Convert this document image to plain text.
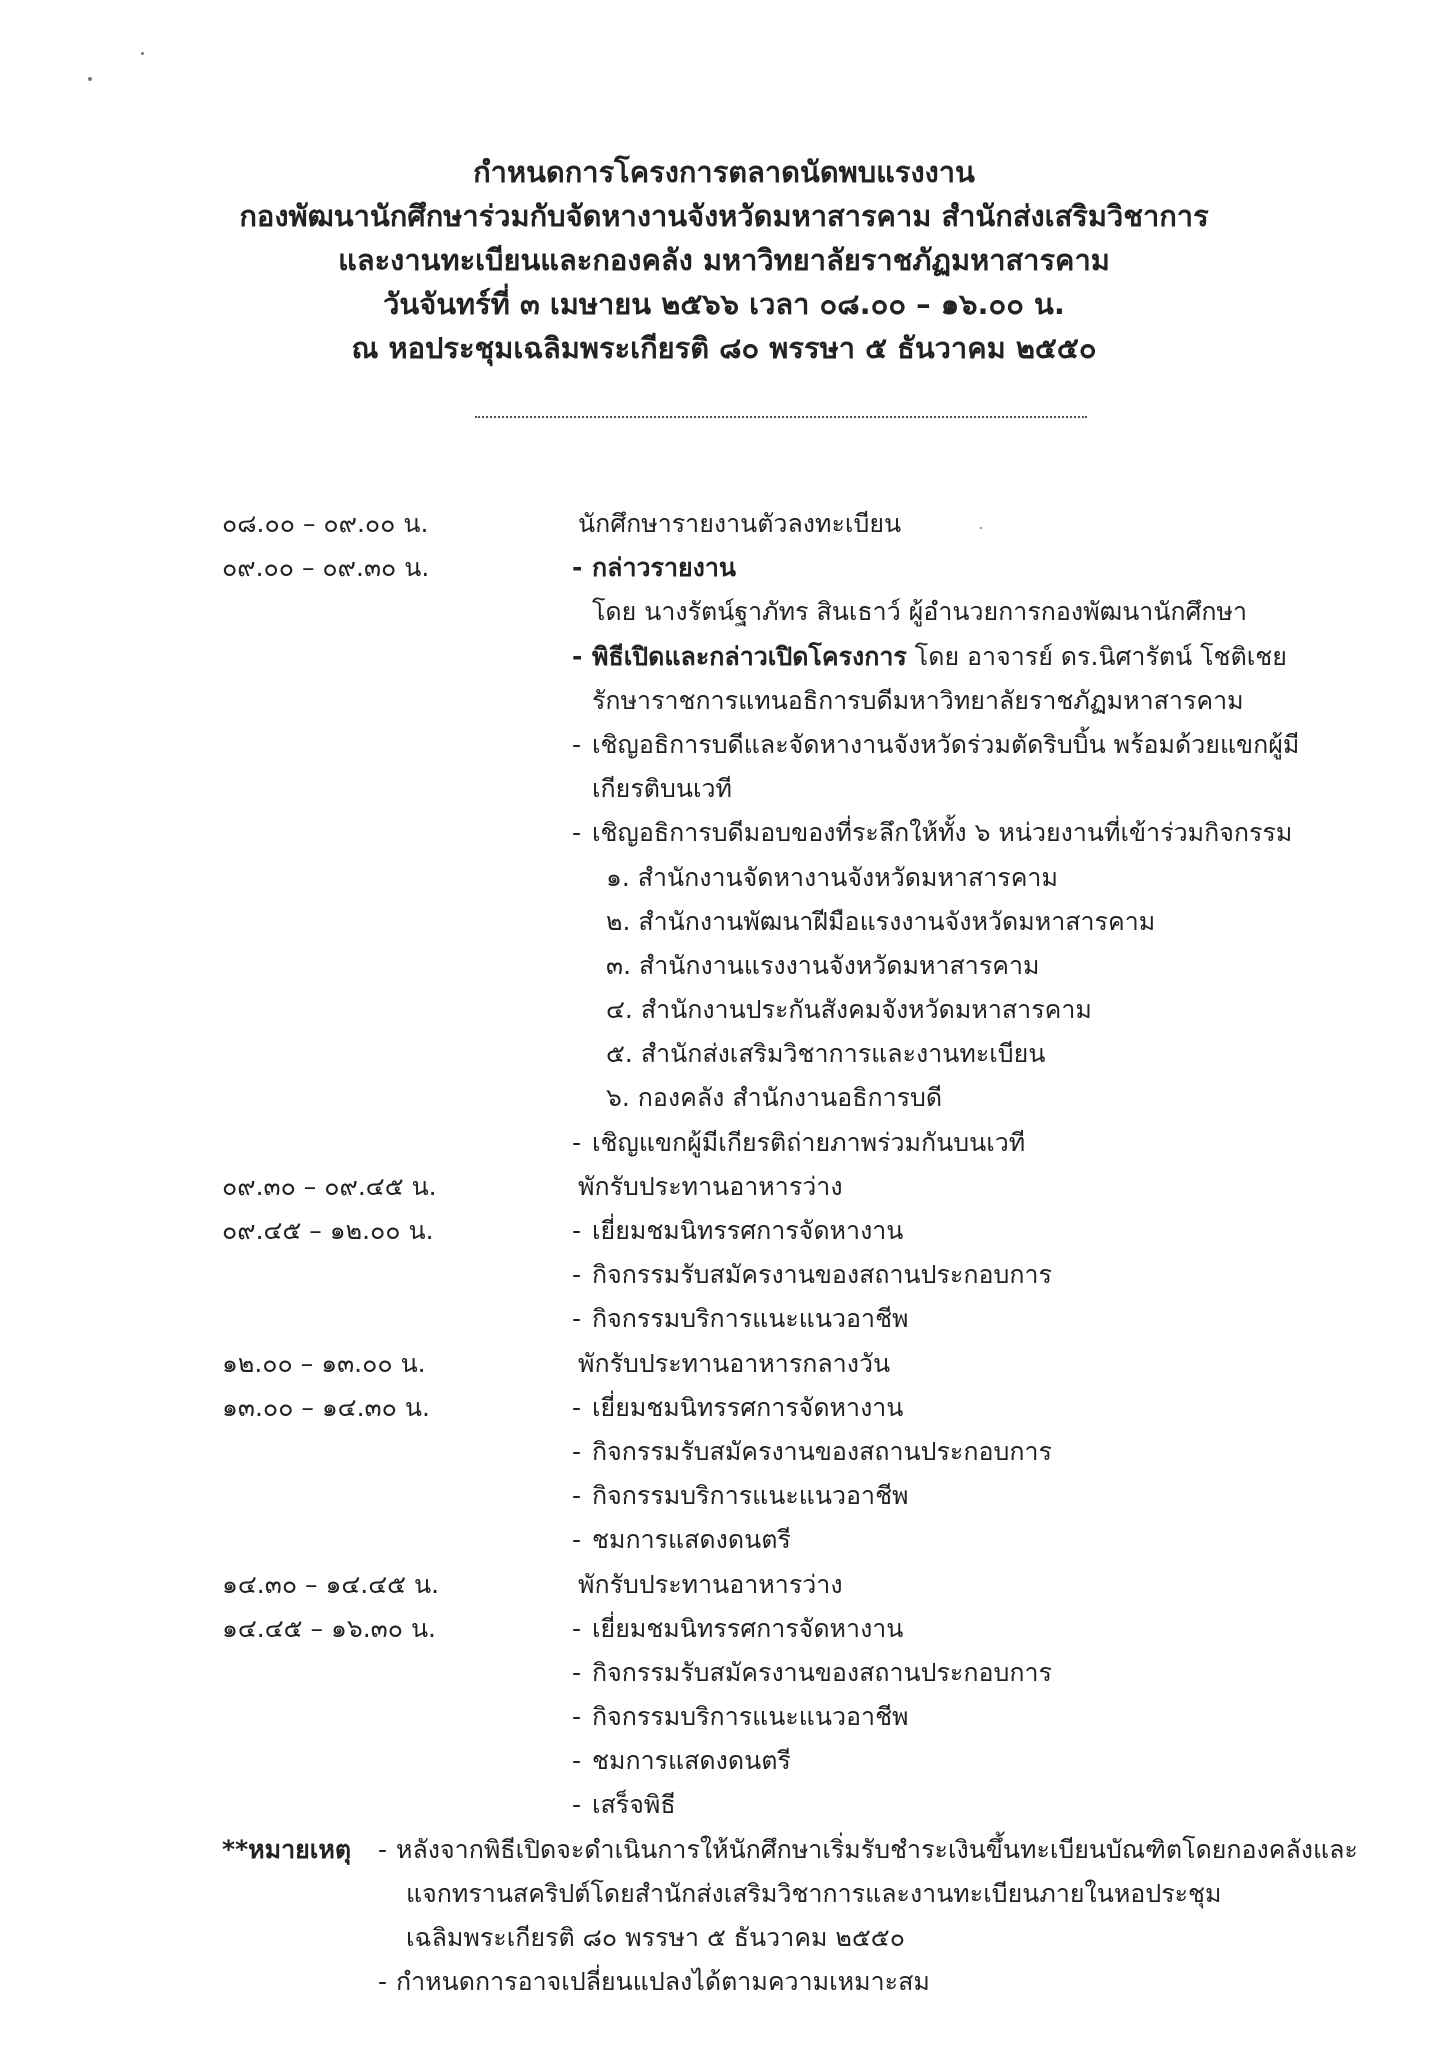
กำหนดการโครงการตลาดนัดพบแรงงาน
กองพัฒนานักศึกษาร่วมกับจัดหางานจังหวัดมหาสารคาม สำนักส่งเสริมวิชาการ
และงานทะเบียนและกองคลัง มหาวิทยาลัยราชภัฏมหาสารคาม
วันจันทร์ที่ ๓ เมษายน ๒๕๖๖ เวลา ๐๘.๐๐ – ๑๖.๐๐ น.
ณ หอประชุมเฉลิมพระเกียรติ ๘๐ พรรษา ๕ ธันวาคม ๒๕๕๐
๐๘.๐๐ – ๐๙.๐๐ น.	นักศึกษารายงานตัวลงทะเบียน
๐๙.๐๐ – ๐๙.๓๐ น.	- กล่าวรายงาน
โดย นางรัตน์ฐาภัทร สินเธาว์ ผู้อำนวยการกองพัฒนานักศึกษา
- พิธีเปิดและกล่าวเปิดโครงการ โดย อาจารย์ ดร.นิศารัตน์ โชติเชย
รักษาราชการแทนอธิการบดีมหาวิทยาลัยราชภัฏมหาสารคาม
- เชิญอธิการบดีและจัดหางานจังหวัดร่วมตัดริบบิ้น พร้อมด้วยแขกผู้มี
เกียรติบนเวที
- เชิญอธิการบดีมอบของที่ระลึกให้ทั้ง ๖ หน่วยงานที่เข้าร่วมกิจกรรม
๑. สำนักงานจัดหางานจังหวัดมหาสารคาม
๒. สำนักงานพัฒนาฝีมือแรงงานจังหวัดมหาสารคาม
๓. สำนักงานแรงงานจังหวัดมหาสารคาม
๔. สำนักงานประกันสังคมจังหวัดมหาสารคาม
๕. สำนักส่งเสริมวิชาการและงานทะเบียน
๖. กองคลัง สำนักงานอธิการบดี
- เชิญแขกผู้มีเกียรติถ่ายภาพร่วมกันบนเวที
๐๙.๓๐ – ๐๙.๔๕ น.	พักรับประทานอาหารว่าง
๐๙.๔๕ – ๑๒.๐๐ น.	- เยี่ยมชมนิทรรศการจัดหางาน
- กิจกรรมรับสมัครงานของสถานประกอบการ
- กิจกรรมบริการแนะแนวอาชีพ
๑๒.๐๐ – ๑๓.๐๐ น.	พักรับประทานอาหารกลางวัน
๑๓.๐๐ – ๑๔.๓๐ น.	- เยี่ยมชมนิทรรศการจัดหางาน
- กิจกรรมรับสมัครงานของสถานประกอบการ
- กิจกรรมบริการแนะแนวอาชีพ
- ชมการแสดงดนตรี
๑๔.๓๐ – ๑๔.๔๕ น.	พักรับประทานอาหารว่าง
๑๔.๔๕ – ๑๖.๓๐ น.	- เยี่ยมชมนิทรรศการจัดหางาน
- กิจกรรมรับสมัครงานของสถานประกอบการ
- กิจกรรมบริการแนะแนวอาชีพ
- ชมการแสดงดนตรี
- เสร็จพิธี
**หมายเหตุ - หลังจากพิธีเปิดจะดำเนินการให้นักศึกษาเริ่มรับชำระเงินขึ้นทะเบียนบัณฑิตโดยกองคลังและ
แจกทรานสคริปต์โดยสำนักส่งเสริมวิชาการและงานทะเบียนภายในหอประชุม
เฉลิมพระเกียรติ ๘๐ พรรษา ๕ ธันวาคม ๒๕๕๐
- กำหนดการอาจเปลี่ยนแปลงได้ตามความเหมาะสม
